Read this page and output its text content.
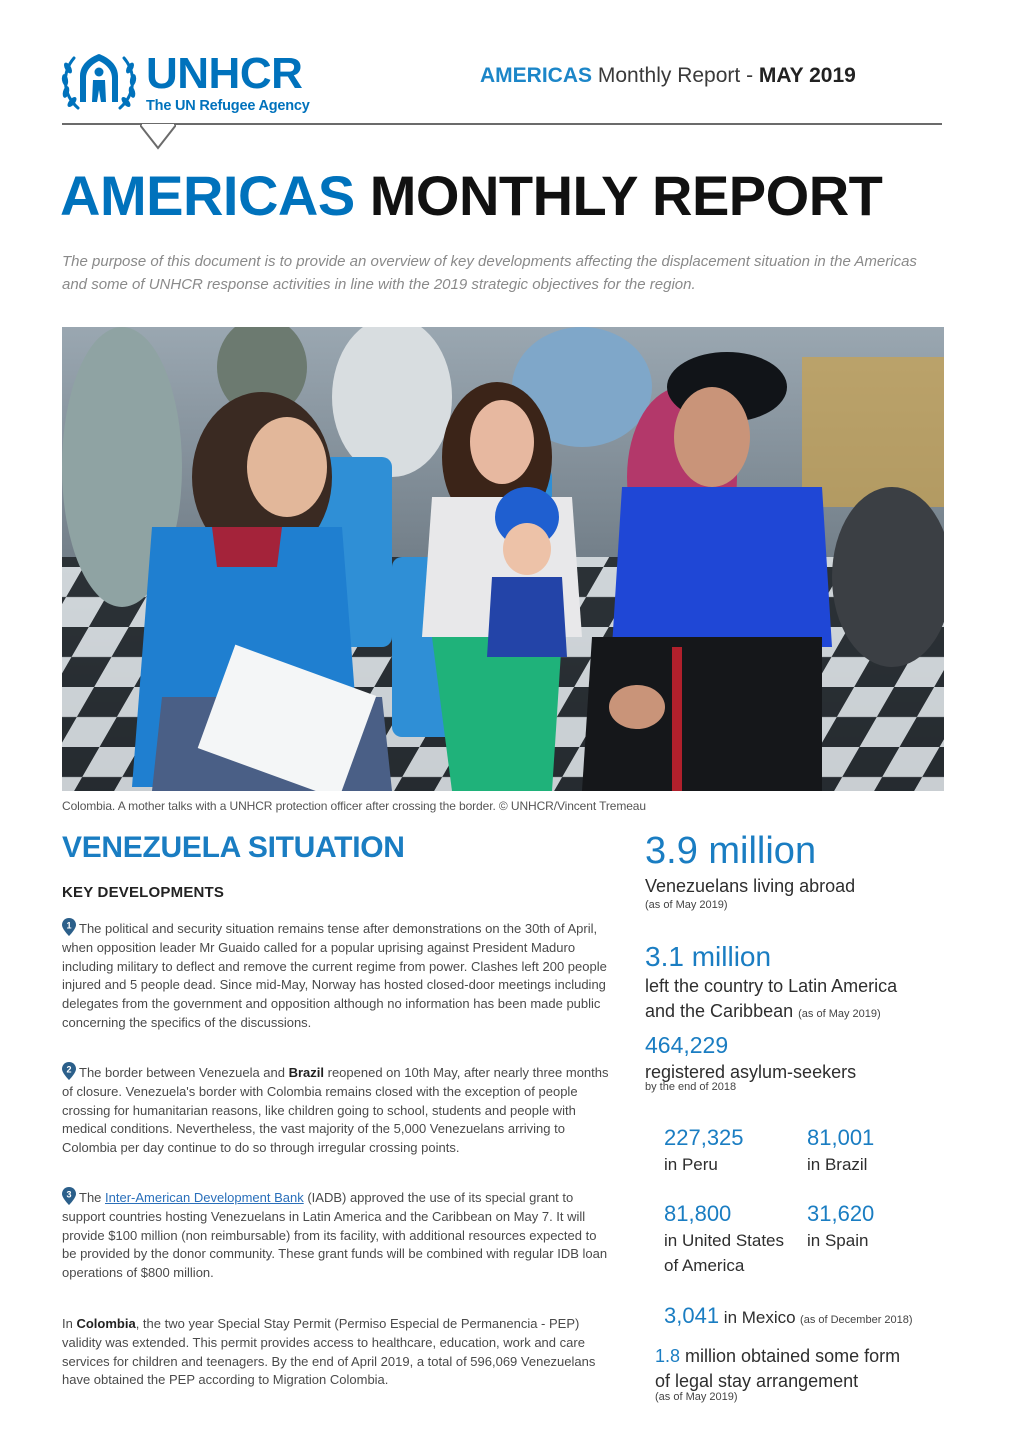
UNHCR
The UN Refugee Agency
AMERICAS Monthly Report - MAY 2019
AMERICAS MONTHLY REPORT

The purpose of this document is to provide an overview of key developments affecting the displacement situation in the Americas and some of UNHCR response activities in line with the 2019 strategic objectives for the region.

Colombia. A mother talks with a UNHCR protection officer after crossing the border. © UNHCR/Vincent Tremeau

VENEZUELA SITUATION
KEY DEVELOPMENTS

1 The political and security situation remains tense after demonstrations on the 30th of April, when opposition leader Mr Guaido called for a popular uprising against President Maduro including military to deflect and remove the current regime from power. Clashes left 200 people injured and 5 people dead. Since mid-May, Norway has hosted closed-door meetings including delegates from the government and opposition although no information has been made public concerning the specifics of the discussions.

2 The border between Venezuela and Brazil reopened on 10th May, after nearly three months of closure. Venezuela's border with Colombia remains closed with the exception of people crossing for humanitarian reasons, like children going to school, students and people with medical conditions. Nevertheless, the vast majority of the 5,000 Venezuelans arriving to Colombia per day continue to do so through irregular crossing points.

3 The Inter-American Development Bank (IADB) approved the use of its special grant to support countries hosting Venezuelans in Latin America and the Caribbean on May 7. It will provide $100 million (non reimbursable) from its facility, with additional resources expected to be provided by the donor community. These grant funds will be combined with regular IDB loan operations of $800 million.

In Colombia, the two year Special Stay Permit (Permiso Especial de Permanencia - PEP) validity was extended. This permit provides access to healthcare, education, work and care services for children and teenagers. By the end of April 2019, a total of 596,069 Venezuelans have obtained the PEP according to Migration Colombia.

3.9 million
Venezuelans living abroad
(as of May 2019)
3.1 million
left the country to Latin America
and the Caribbean (as of May 2019)
464,229
registered asylum-seekers
by the end of 2018
227,325
in Peru
81,001
in Brazil
81,800
in United States
of America
31,620
in Spain
3,041 in Mexico (as of December 2018)
1.8 million obtained some form
of legal stay arrangement
(as of May 2019)
